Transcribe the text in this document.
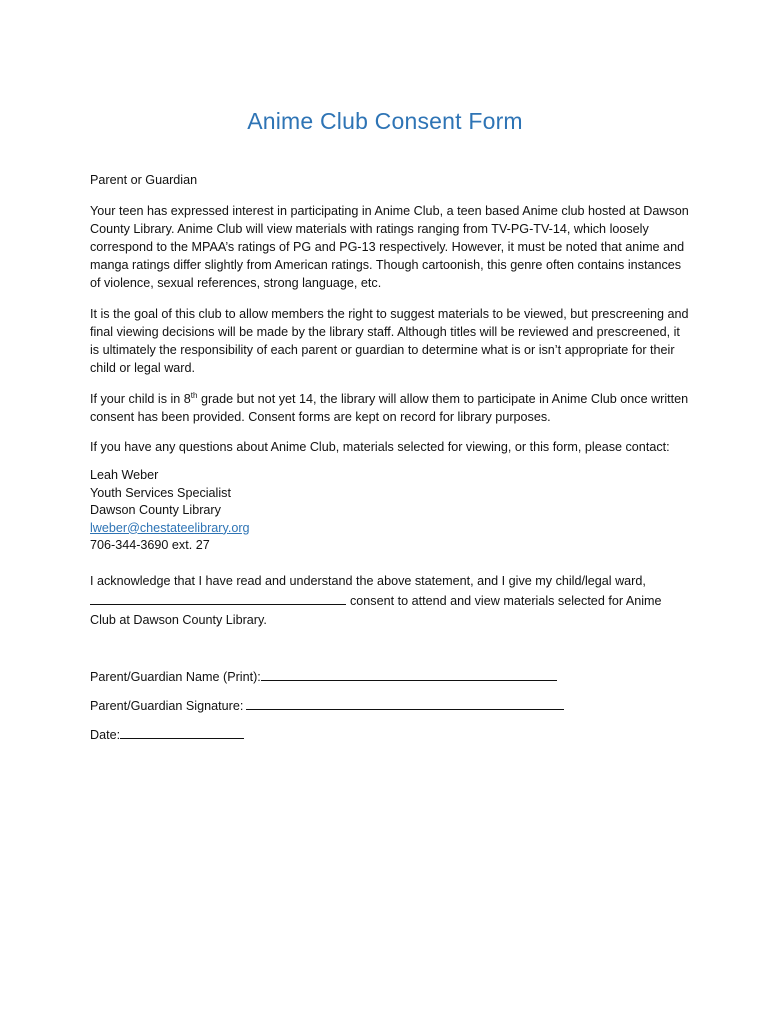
Anime Club Consent Form
Parent or Guardian
Your teen has expressed interest in participating in Anime Club, a teen based Anime club hosted at Dawson County Library. Anime Club will view materials with ratings ranging from TV-PG-TV-14, which loosely correspond to the MPAA’s ratings of PG and PG-13 respectively. However, it must be noted that anime and manga ratings differ slightly from American ratings. Though cartoonish, this genre often contains instances of violence, sexual references, strong language, etc.
It is the goal of this club to allow members the right to suggest materials to be viewed, but prescreening and final viewing decisions will be made by the library staff. Although titles will be reviewed and prescreened, it is ultimately the responsibility of each parent or guardian to determine what is or isn’t appropriate for their child or legal ward.
If your child is in 8th grade but not yet 14, the library will allow them to participate in Anime Club once written consent has been provided. Consent forms are kept on record for library purposes.
If you have any questions about Anime Club, materials selected for viewing, or this form, please contact:
Leah Weber
Youth Services Specialist
Dawson County Library
lweber@chestateelibrary.org
706-344-3690 ext. 27
I acknowledge that I have read and understand the above statement, and I give my child/legal ward,
consent to attend and view materials selected for Anime
Club at Dawson County Library.
Parent/Guardian Name (Print):
Parent/Guardian Signature:
Date:
